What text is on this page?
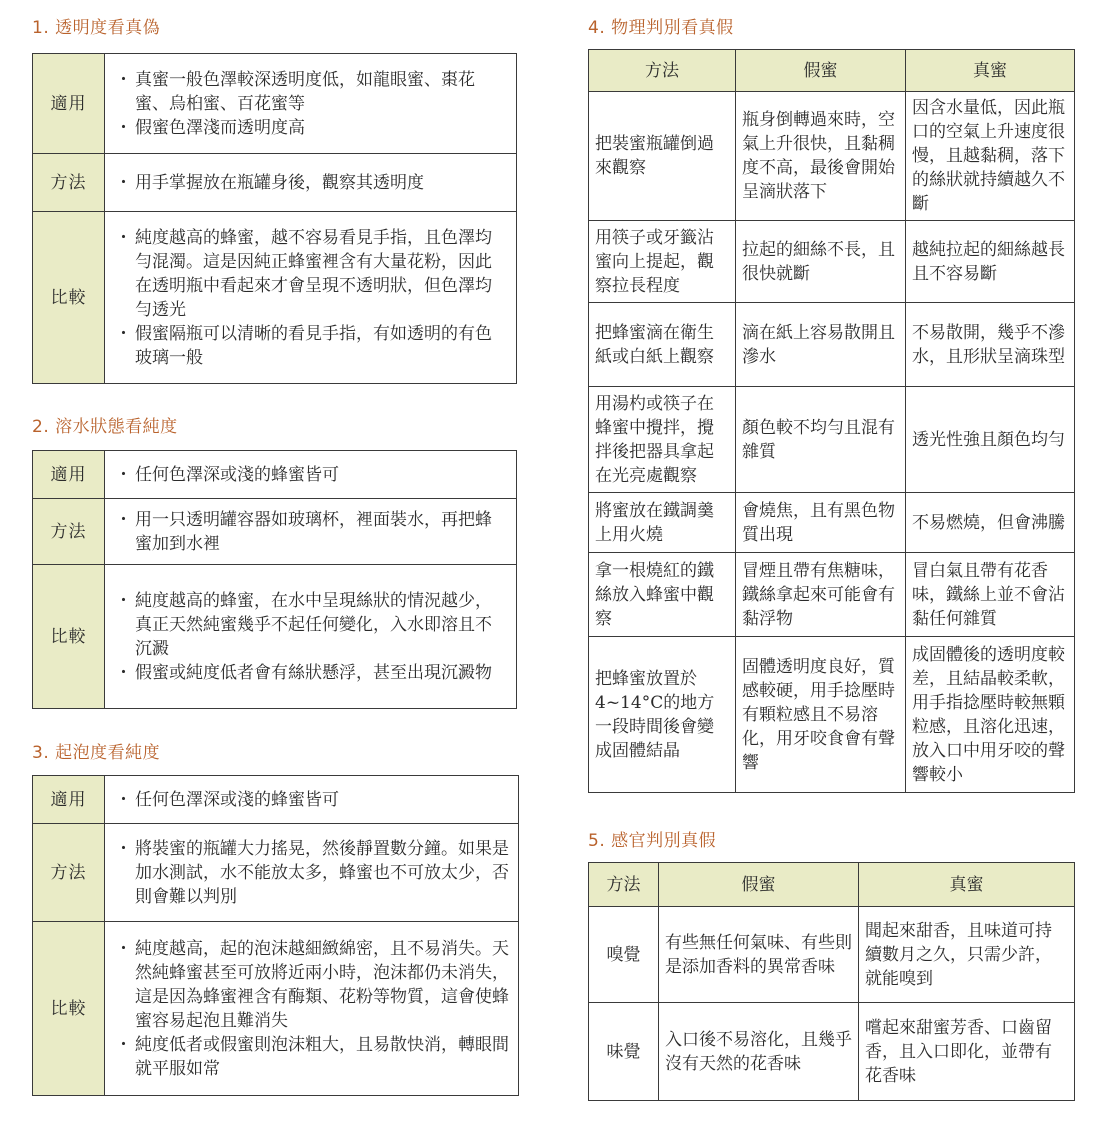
1. 透明度看真偽
適用	・ 真蜜一般色澤較深透明度低，如龍眼蜜、棗花蜜、烏桕蜜、百花蜜等
・ 假蜜色澤淺而透明度高

方法	・ 用手掌握放在瓶罐身後，觀察其透明度

比較	・ 純度越高的蜂蜜，越不容易看見手指，且色澤均勻混濁。這是因純正蜂蜜裡含有大量花粉，因此在透明瓶中看起來才會呈現不透明狀，但色澤均勻透光
・ 假蜜隔瓶可以清晰的看見手指，有如透明的有色玻璃一般
2. 溶水狀態看純度
適用	・ 任何色澤深或淺的蜂蜜皆可

方法	・ 用一只透明罐容器如玻璃杯，裡面裝水，再把蜂蜜加到水裡

比較	・ 純度越高的蜂蜜，在水中呈現絲狀的情況越少，真正天然純蜜幾乎不起任何變化，入水即溶且不沉澱
・ 假蜜或純度低者會有絲狀懸浮，甚至出現沉澱物
3. 起泡度看純度
適用	・ 任何色澤深或淺的蜂蜜皆可

方法	・ 將裝蜜的瓶罐大力搖晃，然後靜置數分鐘。如果是加水測試，水不能放太多，蜂蜜也不可放太少，否則會難以判別

比較	・ 純度越高，起的泡沫越細緻綿密，且不易消失。天然純蜂蜜甚至可放將近兩小時，泡沫都仍未消失，這是因為蜂蜜裡含有酶類、花粉等物質，這會使蜂蜜容易起泡且難消失
・ 純度低者或假蜜則泡沫粗大，且易散快消，轉眼間就平服如常
4. 物理判別看真假
方法	假蜜	真蜜
把裝蜜瓶罐倒過來觀察	瓶身倒轉過來時，空氣上升很快，且黏稠度不高，最後會開始呈滴狀落下	因含水量低，因此瓶口的空氣上升速度很慢，且越黏稠，落下的絲狀就持續越久不斷
用筷子或牙籤沾蜜向上提起，觀察拉長程度	拉起的細絲不長，且很快就斷	越純拉起的細絲越長且不容易斷
把蜂蜜滴在衛生紙或白紙上觀察	滴在紙上容易散開且滲水	不易散開，幾乎不滲水，且形狀呈滴珠型
用湯杓或筷子在蜂蜜中攪拌，攪拌後把器具拿起在光亮處觀察	顏色較不均勻且混有雜質	透光性強且顏色均勻
將蜜放在鐵調羹上用火燒	會燒焦，且有黑色物質出現	不易燃燒，但會沸騰
拿一根燒紅的鐵絲放入蜂蜜中觀察	冒煙且帶有焦糖味，鐵絲拿起來可能會有黏浮物	冒白氣且帶有花香味，鐵絲上並不會沾黏任何雜質
把蜂蜜放置於4~14°C的地方一段時間後會變成固體結晶	固體透明度良好，質感較硬，用手捻壓時有顆粒感且不易溶化，用牙咬食會有聲響	成固體後的透明度較差，且結晶較柔軟，用手指捻壓時較無顆粒感，且溶化迅速，放入口中用牙咬的聲響較小
5. 感官判別真假
方法	假蜜	真蜜
嗅覺	有些無任何氣味、有些則是添加香料的異常香味	聞起來甜香，且味道可持續數月之久，只需少許，就能嗅到
味覺	入口後不易溶化，且幾乎沒有天然的花香味	嚐起來甜蜜芳香、口齒留香，且入口即化，並帶有花香味
